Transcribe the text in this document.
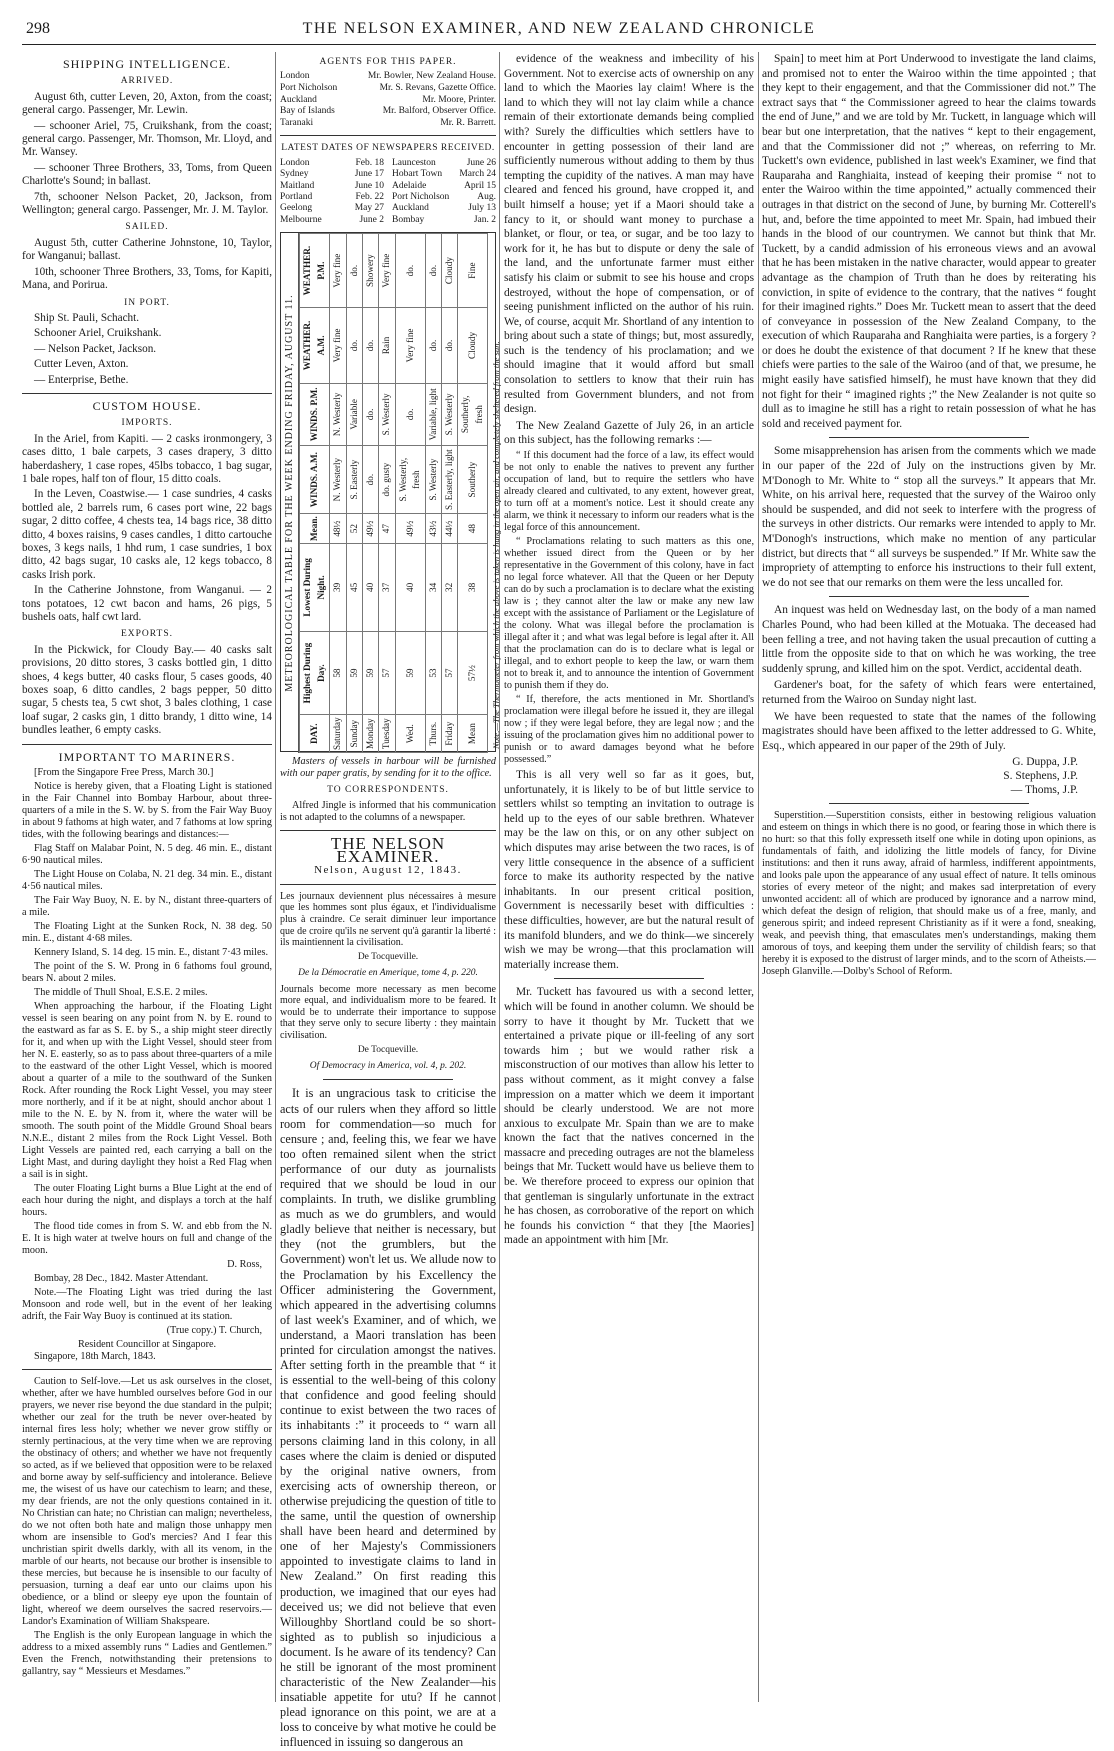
298	THE NELSON EXAMINER, AND NEW ZEALAND CHRONICLE
SHIPPING INTELLIGENCE.
ARRIVED.
August 6th, cutter Leven, 20, Axton, from the coast; general cargo. Passenger, Mr. Lewin.
— schooner Ariel, 75, Cruikshank, from the coast; general cargo. Passenger, Mr. Thomson, Mr. Lloyd, and Mr. Wansey.
— schooner Three Brothers, 33, Toms, from Queen Charlotte's Sound; in ballast.
7th, schooner Nelson Packet, 20, Jackson, from Wellington; general cargo. Passenger, Mr. J. M. Taylor.
SAILED.
August 5th, cutter Catherine Johnstone, 10, Taylor, for Wanganui; ballast.
10th, schooner Three Brothers, 33, Toms, for Kapiti, Mana, and Porirua.
IN PORT.
Ship St. Pauli, Schacht.
Schooner Ariel, Cruikshank.
— Nelson Packet, Jackson.
Cutter Leven, Axton.
— Enterprise, Bethe.
CUSTOM HOUSE.
IMPORTS.
In the Ariel, from Kapiti. — 2 casks ironmongery, 3 cases ditto, 1 bale carpets, 3 cases drapery, 3 ditto haberdashery, 1 case ropes, 45lbs tobacco, 1 bag sugar, 1 bale ropes, half ton of flour, 15 ditto coals.
In the Leven, Coastwise.— 1 case sundries, 4 casks bottled ale, 2 barrels rum, 6 cases port wine, 22 bags sugar, 2 ditto coffee, 4 chests tea, 14 bags rice, 38 ditto ditto, 4 boxes raisins, 9 cases candles, 1 ditto cartouche boxes, 3 kegs nails, 1 hhd rum, 1 case sundries, 1 box ditto, 42 bags sugar, 10 casks ale, 12 kegs tobacco, 8 casks Irish pork.
In the Catherine Johnstone, from Wanganui. — 2 tons potatoes, 12 cwt bacon and hams, 26 pigs, 5 bushels oats, half cwt lard.
EXPORTS.
In the Pickwick, for Cloudy Bay.— 40 casks salt provisions, 20 ditto stores, 3 casks bottled gin, 1 ditto shoes, 4 kegs butter, 40 casks flour, 5 cases goods, 40 boxes soap, 6 ditto candles, 2 bags pepper, 50 ditto sugar, 5 chests tea, 5 cwt shot, 3 bales clothing, 1 case loaf sugar, 2 casks gin, 1 ditto brandy, 1 ditto wine, 14 bundles leather, 6 empty casks.
IMPORTANT TO MARINERS.
[From the Singapore Free Press, March 30.]
Notice is hereby given, that a Floating Light is stationed in the Fair Channel into Bombay Harbour, about three-quarters of a mile in the S. W. by S. from the Fair Way Buoy in about 9 fathoms at high water, and 7 fathoms at low spring tides, with the following bearings and distances:—
Flag Staff on Malabar Point, N. 5 deg. 46 min. E., distant 6·90 nautical miles.
The Light House on Colaba, N. 21 deg. 34 min. E., distant 4·56 nautical miles.
The Fair Way Buoy, N. E. by N., distant three-quarters of a mile.
The Floating Light at the Sunken Rock, N. 38 deg. 50 min. E., distant 4·68 miles.
Kennery Island, S. 14 deg. 15 min. E., distant 7·43 miles.
The point of the S. W. Prong in 6 fathoms foul ground, bears N. about 2 miles.
The middle of Thull Shoal, E.S.E. 2 miles.
When approaching the harbour, if the Floating Light vessel is seen bearing on any point from N. by E. round to the eastward as far as S. E. by S., a ship might steer directly for it, and when up with the Light Vessel, should steer from her N. E. easterly, so as to pass about three-quarters of a mile to the eastward of the other Light Vessel, which is moored about a quarter of a mile to the southward of the Sunken Rock. After rounding the Rock Light Vessel, you may steer more northerly, and if it be at night, should anchor about 1 mile to the N. E. by N. from it, where the water will be smooth. The south point of the Middle Ground Shoal bears N.N.E., distant 2 miles from the Rock Light Vessel. Both Light Vessels are painted red, each carrying a ball on the Light Mast, and during daylight they hoist a Red Flag when a sail is in sight.
The outer Floating Light burns a Blue Light at the end of each hour during the night, and displays a torch at the half hours.
The flood tide comes in from S. W. and ebb from the N. E. It is high water at twelve hours on full and change of the moon.
D. Ross,
Bombay, 28 Dec., 1842. Master Attendant.
Note.—The Floating Light was tried during the last Monsoon and rode well, but in the event of her leaking adrift, the Fair Way Buoy is continued at its station.
(True copy.) T. Church,
Resident Councillor at Singapore.
Singapore, 18th March, 1843.
Caution to Self-love.—Let us ask ourselves in the closet, whether, after we have humbled ourselves before God in our prayers, we never rise beyond the due standard in the pulpit; whether our zeal for the truth be never over-heated by internal fires less holy; whether we never grow stiffly or sternly pertinacious, at the very time when we are reproving the obstinacy of others; and whether we have not frequently so acted, as if we believed that opposition were to be relaxed and borne away by self-sufficiency and intolerance. Believe me, the wisest of us have our catechism to learn; and these, my dear friends, are not the only questions contained in it. No Christian can hate; no Christian can malign; nevertheless, do we not often both hate and malign those unhappy men whom are insensible to God's mercies? And I fear this unchristian spirit dwells darkly, with all its venom, in the marble of our hearts, not because our brother is insensible to these mercies, but because he is insensible to our faculty of persuasion, turning a deaf ear unto our claims upon his obedience, or a blind or sleepy eye upon the fountain of light, whereof we deem ourselves the sacred reservoirs.— Landor's Examination of William Shakspeare.
The English is the only European language in which the address to a mixed assembly runs “ Ladies and Gentlemen.” Even the French, notwithstanding their pretensions to gallantry, say “ Messieurs et Mesdames.”
AGENTS FOR THIS PAPER.
London	Mr. Bowler, New Zealand House.
Port Nicholson	Mr. S. Revans, Gazette Office.
Auckland	Mr. Moore, Printer.
Bay of Islands	Mr. Balford, Observer Office.
Taranaki	Mr. R. Barrett.
LATEST DATES OF NEWSPAPERS RECEIVED.
London	Feb. 18 Launceston	June 26
Sydney	June 17 Hobart Town March 24
Maitland	June 10 Adelaide	April 15
Portland	Feb. 22 Port Nicholson	Aug.
Geelong	May 27 Auckland	July 13
Melbourne	June 2 Bombay	Jan. 2
METEOROLOGICAL TABLE FOR THE WEEK ENDING FRIDAY, AUGUST 11.
DAY.	Highest During Day.	Lowest During Night.	Mean.	WINDS. A.M.	WINDS. P.M.	WEATHER. A.M.	WEATHER. P.M.
Saturday	58	39	48½	N. Westerly	N. Westerly	Very fine	Very fine
Sunday	59	45	52	S. Easterly	Variable	do.	do.
Monday	59	40	49½	do.	do.	do.	Showery
Tuesday	57	37	47	do. gusty	S. Westerly	Rain	Very fine
Wed.	59	40	49½	S. Westerly, fresh	do.	Very fine	do.
Thurs.	53	34	43½	S. Westerly	Variable, light	do.	do.
Friday	57	32	44½	S. Easterly, light	S. Westerly	do.	Cloudy
Mean	57½	38	48	Southerly	Southerly, fresh	Cloudy	Fine
Note.—The Thermometer from which the above is taken is hung in the open air, and completely sheltered from the sun.
Masters of vessels in harbour will be furnished with our paper gratis, by sending for it to the office.
TO CORRESPONDENTS.
Alfred Jingle is informed that his communication is not adapted to the columns of a newspaper.
THE NELSON EXAMINER.
Nelson, August 12, 1843.
Les journaux deviennent plus nécessaires à mesure que les hommes sont plus égaux, et l'individualisme plus à craindre. Ce serait diminuer leur importance que de croire qu'ils ne servent qu'à garantir la liberté : ils maintiennent la civilisation.
De Tocqueville.
De la Démocratie en Amerique, tome 4, p. 220.
Journals become more necessary as men become more equal, and individualism more to be feared. It would be to underrate their importance to suppose that they serve only to secure liberty : they maintain civilisation.
De Tocqueville.
Of Democracy in America, vol. 4, p. 202.
It is an ungracious task to criticise the acts of our rulers when they afford so little room for commendation—so much for censure ; and, feeling this, we fear we have too often remained silent when the strict performance of our duty as journalists required that we should be loud in our complaints. In truth, we dislike grumbling as much as we do grumblers, and would gladly believe that neither is necessary, but they (not the grumblers, but the Government) won't let us. We allude now to the Proclamation by his Excellency the Officer administering the Government, which appeared in the advertising columns of last week's Examiner, and of which, we understand, a Maori translation has been printed for circulation amongst the natives. After setting forth in the preamble that “ it is essential to the well-being of this colony that confidence and good feeling should continue to exist between the two races of its inhabitants :” it proceeds to “ warn all persons claiming land in this colony, in all cases where the claim is denied or disputed by the original native owners, from exercising acts of ownership thereon, or otherwise prejudicing the question of title to the same, until the question of ownership shall have been heard and determined by one of her Majesty's Commissioners appointed to investigate claims to land in New Zealand.” On first reading this production, we imagined that our eyes had deceived us; we did not believe that even Willoughby Shortland could be so short-sighted as to publish so injudicious a document. Is he aware of its tendency? Can he still be ignorant of the most prominent characteristic of the New Zealander—his insatiable appetite for utu? If he cannot plead ignorance on this point, we are at a loss to conceive by what motive he could be influenced in issuing so dangerous an
evidence of the weakness and imbecility of his Government. Not to exercise acts of ownership on any land to which the Maories lay claim! Where is the land to which they will not lay claim while a chance remain of their extortionate demands being complied with? Surely the difficulties which settlers have to encounter in getting possession of their land are sufficiently numerous without adding to them by thus tempting the cupidity of the natives. A man may have cleared and fenced his ground, have cropped it, and built himself a house; yet if a Maori should take a fancy to it, or should want money to purchase a blanket, or flour, or tea, or sugar, and be too lazy to work for it, he has but to dispute or deny the sale of the land, and the unfortunate farmer must either satisfy his claim or submit to see his house and crops destroyed, without the hope of compensation, or of seeing punishment inflicted on the author of his ruin. We, of course, acquit Mr. Shortland of any intention to bring about such a state of things; but, most assuredly, such is the tendency of his proclamation; and we should imagine that it would afford but small consolation to settlers to know that their ruin has resulted from Government blunders, and not from design.
The New Zealand Gazette of July 26, in an article on this subject, has the following remarks :—
“ If this document had the force of a law, its effect would be not only to enable the natives to prevent any further occupation of land, but to require the settlers who have already cleared and cultivated, to any extent, however great, to turn off at a moment's notice. Lest it should create any alarm, we think it necessary to inform our readers what is the legal force of this announcement.
“ Proclamations relating to such matters as this one, whether issued direct from the Queen or by her representative in the Government of this colony, have in fact no legal force whatever. All that the Queen or her Deputy can do by such a proclamation is to declare what the existing law is ; they cannot alter the law or make any new law except with the assistance of Parliament or the Legislature of the colony. What was illegal before the proclamation is illegal after it ; and what was legal before is legal after it. All that the proclamation can do is to declare what is legal or illegal, and to exhort people to keep the law, or warn them not to break it, and to announce the intention of Government to punish them if they do.
“ If, therefore, the acts mentioned in Mr. Shortland's proclamation were illegal before he issued it, they are illegal now ; if they were legal before, they are legal now ; and the issuing of the proclamation gives him no additional power to punish or to award damages beyond what he before possessed.”
This is all very well so far as it goes, but, unfortunately, it is likely to be of but little service to settlers whilst so tempting an invitation to outrage is held up to the eyes of our sable brethren. Whatever may be the law on this, or on any other subject on which disputes may arise between the two races, is of very little consequence in the absence of a sufficient force to make its authority respected by the native inhabitants. In our present critical position, Government is necessarily beset with difficulties : these difficulties, however, are but the natural result of its manifold blunders, and we do think—we sincerely wish we may be wrong—that this proclamation will materially increase them.
Mr. Tuckett has favoured us with a second letter, which will be found in another column. We should be sorry to have it thought by Mr. Tuckett that we entertained a private pique or ill-feeling of any sort towards him ; but we would rather risk a misconstruction of our motives than allow his letter to pass without comment, as it might convey a false impression on a matter which we deem it important should be clearly understood. We are not more anxious to exculpate Mr. Spain than we are to make known the fact that the natives concerned in the massacre and preceding outrages are not the blameless beings that Mr. Tuckett would have us believe them to be. We therefore proceed to express our opinion that that gentleman is singularly unfortunate in the extract he has chosen, as corroborative of the report on which he founds his conviction “ that they [the Maories] made an appointment with him [Mr.
Spain] to meet him at Port Underwood to investigate the land claims, and promised not to enter the Wairoo within the time appointed ; that they kept to their engagement, and that the Commissioner did not.” The extract says that “ the Commissioner agreed to hear the claims towards the end of June,” and we are told by Mr. Tuckett, in language which will bear but one interpretation, that the natives “ kept to their engagement, and that the Commissioner did not ;” whereas, on referring to Mr. Tuckett's own evidence, published in last week's Examiner, we find that Rauparaha and Ranghiaita, instead of keeping their promise “ not to enter the Wairoo within the time appointed,” actually commenced their outrages in that district on the second of June, by burning Mr. Cotterell's hut, and, before the time appointed to meet Mr. Spain, had imbued their hands in the blood of our countrymen. We cannot but think that Mr. Tuckett, by a candid admission of his erroneous views and an avowal that he has been mistaken in the native character, would appear to greater advantage as the champion of Truth than he does by reiterating his conviction, in spite of evidence to the contrary, that the natives “ fought for their imagined rights.” Does Mr. Tuckett mean to assert that the deed of conveyance in possession of the New Zealand Company, to the execution of which Rauparaha and Ranghiaita were parties, is a forgery ? or does he doubt the existence of that document ? If he knew that these chiefs were parties to the sale of the Wairoo (and of that, we presume, he might easily have satisfied himself), he must have known that they did not fight for their “ imagined rights ;” the New Zealander is not quite so dull as to imagine he still has a right to retain possession of what he has sold and received payment for.
Some misapprehension has arisen from the comments which we made in our paper of the 22d of July on the instructions given by Mr. M'Donogh to Mr. White to “ stop all the surveys.” It appears that Mr. White, on his arrival here, requested that the survey of the Wairoo only should be suspended, and did not seek to interfere with the progress of the surveys in other districts. Our remarks were intended to apply to Mr. M'Donogh's instructions, which make no mention of any particular district, but directs that “ all surveys be suspended.” If Mr. White saw the impropriety of attempting to enforce his instructions to their full extent, we do not see that our remarks on them were the less uncalled for.
An inquest was held on Wednesday last, on the body of a man named Charles Pound, who had been killed at the Motuaka. The deceased had been felling a tree, and not having taken the usual precaution of cutting a little from the opposite side to that on which he was working, the tree suddenly sprung, and killed him on the spot. Verdict, accidental death.
Gardener's boat, for the safety of which fears were entertained, returned from the Wairoo on Sunday night last.
We have been requested to state that the names of the following magistrates should have been affixed to the letter addressed to G. White, Esq., which appeared in our paper of the 29th of July.
G. Duppa, J.P.
S. Stephens, J.P.
— Thoms, J.P.
Superstition.—Superstition consists, either in bestowing religious valuation and esteem on things in which there is no good, or fearing those in which there is no hurt: so that this folly expresseth itself one while in doting upon opinions, as fundamentals of faith, and idolizing the little models of fancy, for Divine institutions: and then it runs away, afraid of harmless, indifferent appointments, and looks pale upon the appearance of any usual effect of nature. It tells ominous stories of every meteor of the night; and makes sad interpretation of every unwonted accident: all of which are produced by ignorance and a narrow mind, which defeat the design of religion, that should make us of a free, manly, and generous spirit; and indeed represent Christianity as if it were a fond, sneaking, weak, and peevish thing, that emasculates men's understandings, making them amorous of toys, and keeping them under the servility of childish fears; so that hereby it is exposed to the distrust of larger minds, and to the scorn of Atheists.—Joseph Glanville.—Dolby's School of Reform.
